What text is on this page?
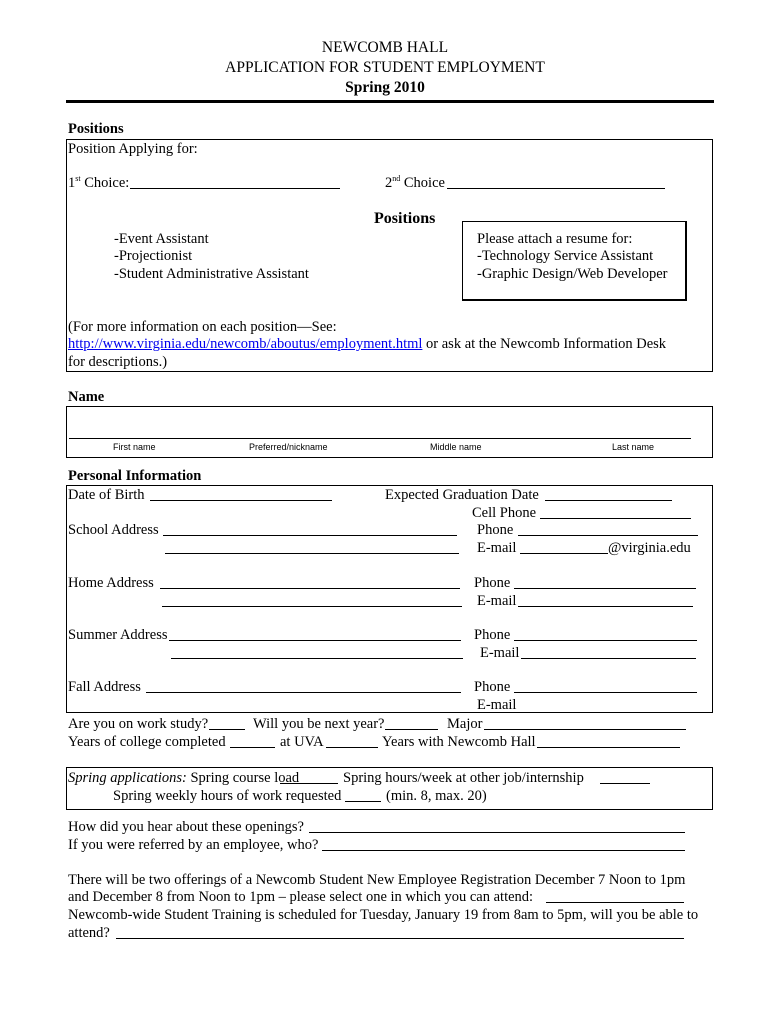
NEWCOMB HALL
APPLICATION FOR STUDENT EMPLOYMENT
Spring 2010
Positions
Position Applying for:
1st Choice:	2nd Choice
Positions
-Event Assistant
-Projectionist
-Student Administrative Assistant
Please attach a resume for:
-Technology Service Assistant
-Graphic Design/Web Developer
(For more information on each position—See:
http://www.virginia.edu/newcomb/aboutus/employment.html or ask at the Newcomb Information Desk
for descriptions.)
Name
First name	Preferred/nickname	Middle name	Last name
Personal Information
Date of Birth	Expected Graduation Date
Cell Phone
School Address	Phone
E-mail	@virginia.edu
Home Address	Phone
E-mail
Summer Address	Phone
E-mail
Fall Address	Phone
E-mail
Are you on work study?	Will you be next year?	Major
Years of college completed	at UVA	Years with Newcomb Hall
Spring applications: Spring course load	Spring hours/week at other job/internship
Spring weekly hours of work requested	(min. 8, max. 20)
How did you hear about these openings?
If you were referred by an employee, who?
There will be two offerings of a Newcomb Student New Employee Registration December 7 Noon to 1pm
and December 8 from Noon to 1pm – please select one in which you can attend:
Newcomb-wide Student Training is scheduled for Tuesday, January 19 from 8am to 5pm, will you be able to
attend?
